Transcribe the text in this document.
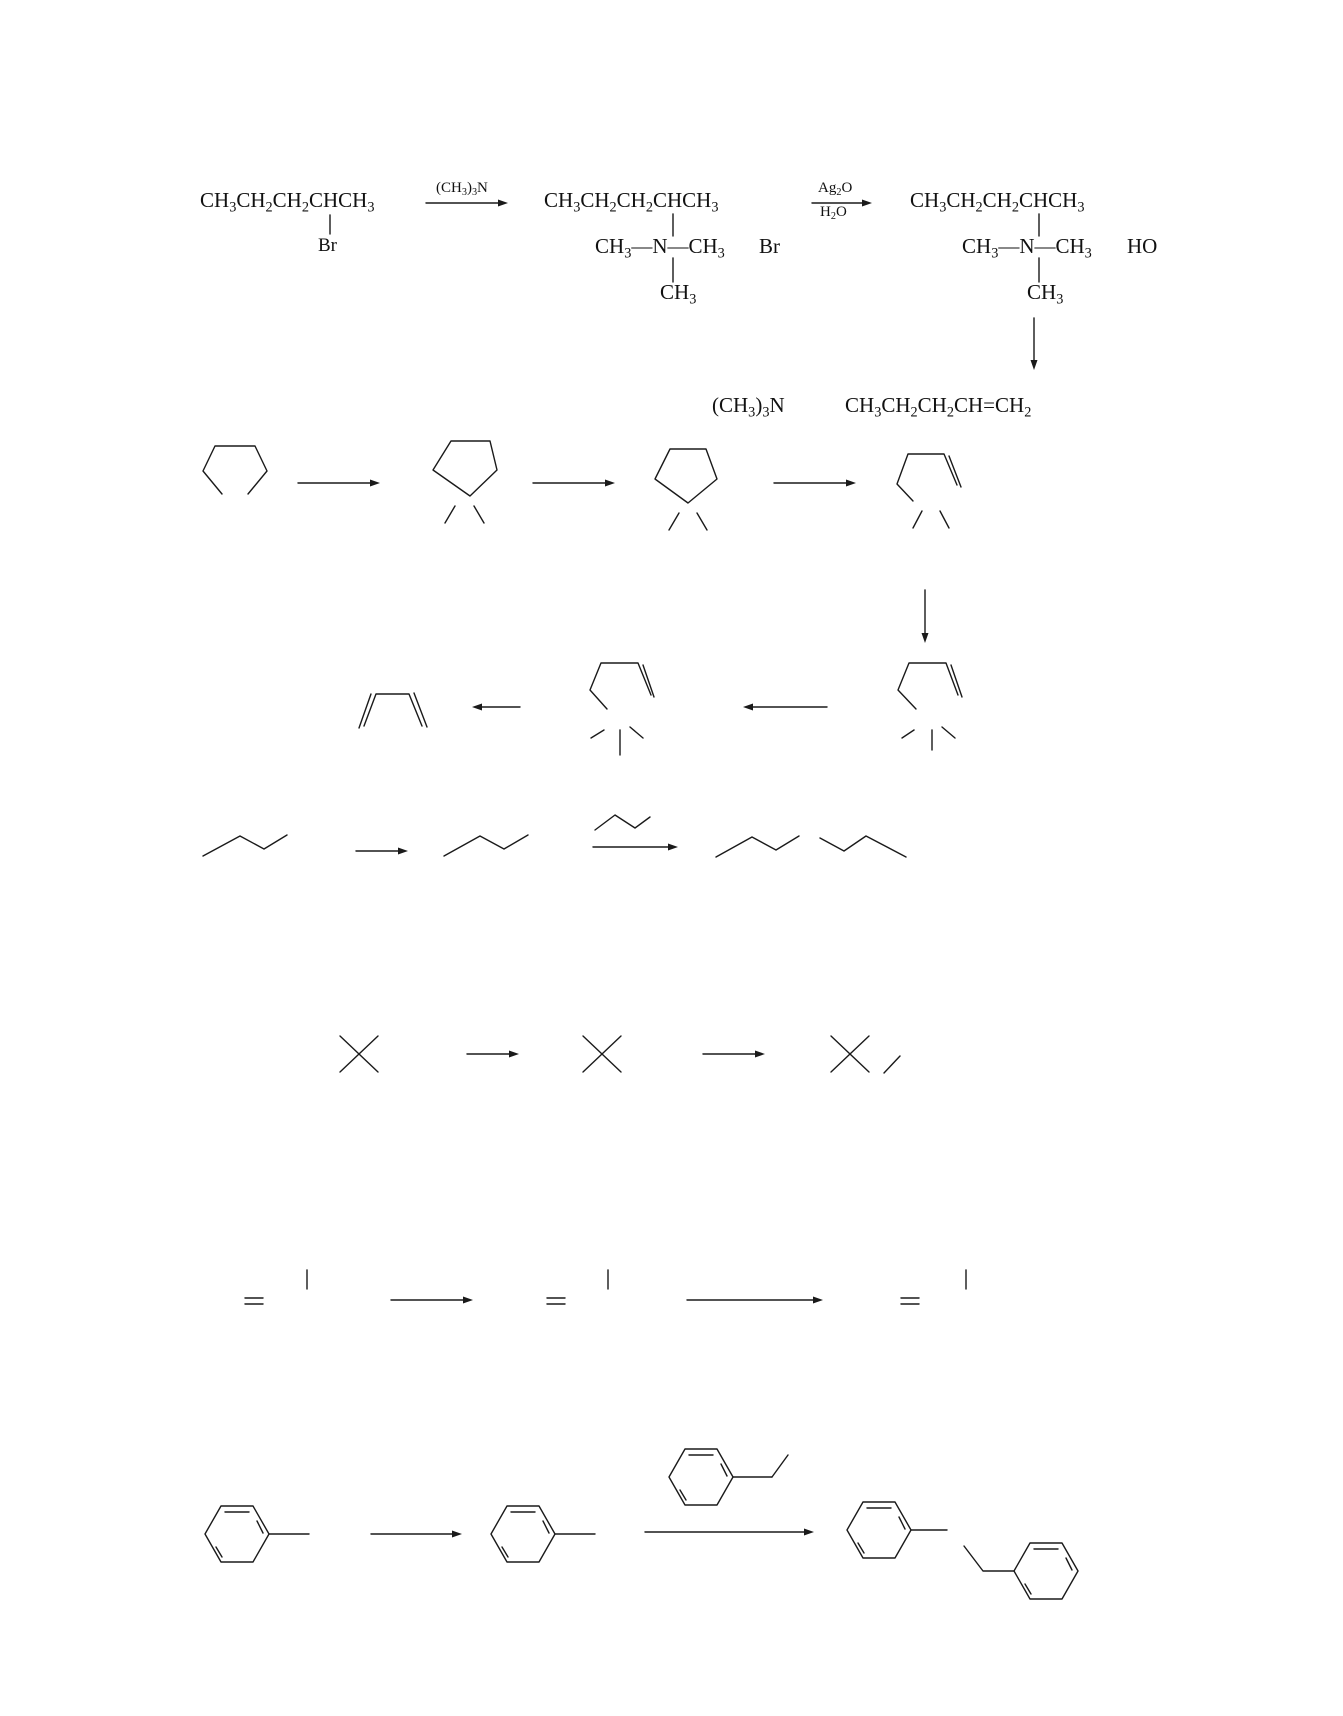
$CH_3CH_2CH_2CHCH_3$
Br
$(CH_3)_3N$	$CH_3CH_2CH_2CHCH_3$
$CH_3—N—CH_3$ Br
$CH_3$
$Ag_2O$
$H_2O$	$CH_3CH_2CH_2CHCH_3$
$CH_3—N—CH_3$ HO
$CH_3$
$(CH_3)_3N$	$CH_3CH_2CH_2CH=CH_2$
